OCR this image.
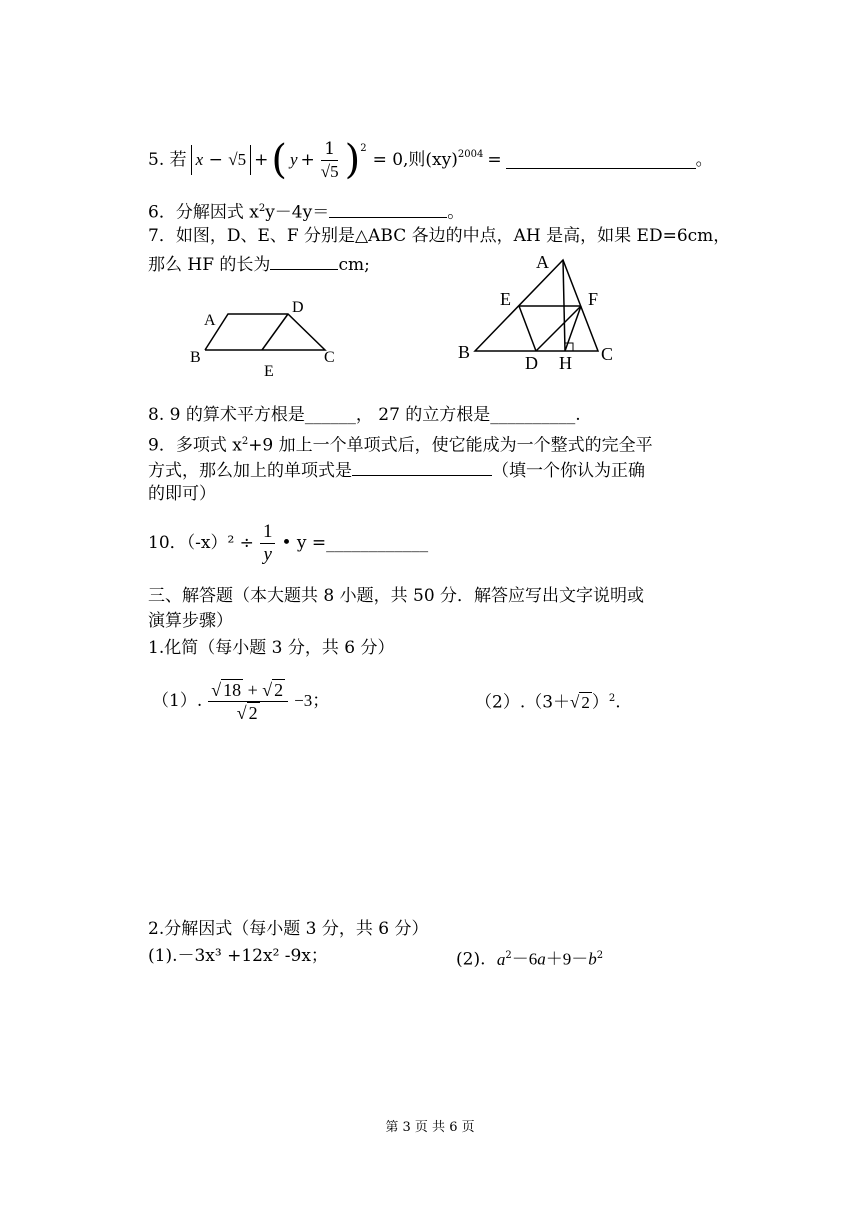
5. 若 x − √5 + ( $y + \frac{1}{√5} )^2$
= 0,则(xy)$^{2004}$ =	。
6．分解因式 $x^2y-4y=$	。
7．如图，D、E、F 分别是△ABC 各边的中点，AH 是高，如果 ED=6cm，
那么 HF 的长为	cm;
A
D
B	C
E
A
E	F
B
D H C
8. 9 的算术平方根是______， 27 的立方根是__________.
9．多项式 $x^2+9$ 加上一个单项式后，使它能成为一个整式的完全平
方式，那么加上的单项式是	（填一个你认为正确
的即可）
10．$(-x)^2 \div \frac{1}{y}$ • y =____________
三、解答题（本大题共 8 小题，共 50 分．解答应写出文字说明或
演算步骤）
1.化简（每小题 3 分，共 6 分）
（1）. $\frac{√ 18 + √ 2}{√ 2} -3$；	（2）.（3＋√ 2 ）$^2$.
2.分解因式（每小题 3 分，共 6 分）
(1).－3x³ +12x² -9x；	(2). $a^2-6a+9-b^2$
第 3 页 共 6 页
